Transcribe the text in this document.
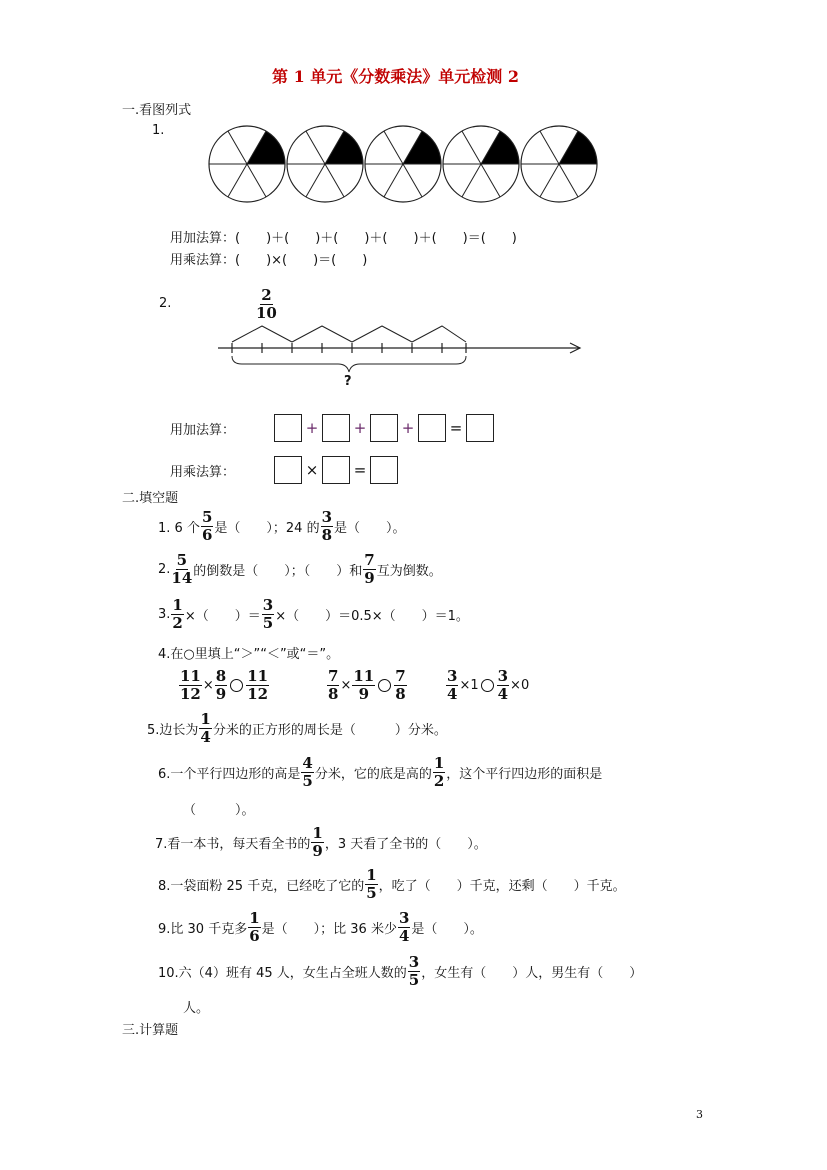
第 1 单元《分数乘法》单元检测 2
一.看图列式
1.
用加法算：(　　)＋(　　)＋(　　)＋(　　)＋(　　)＝(　　)
用乘法算：(　　)×(　　)＝(　　)
2.	$\frac{2}{10}$
?
用加法算：	+ + + =
用乘法算：	× =
二.填空题
1. 6 个 $\frac{5}{6}$ 是（　　）；24 的 $\frac{3}{8}$ 是（　　）。
2. $\frac{5}{14}$ 的倒数是（　　）；（　　）和 $\frac{7}{9}$ 互为倒数。
3. $\frac{1}{2}$ ×（　　）＝ $\frac{3}{5}$ ×（　　）＝0.5×（　　）＝1。
4.在○里填上“＞”“＜”或“＝”。
$\frac{11}{12} \times \frac{8}{9} \frac{11}{12}$	$\frac{7}{8} \times \frac{11}{9} \frac{7}{8}$	$\frac{3}{4} \times 1 \frac{3}{4} \times 0$
5.边长为 $\frac{1}{4}$ 分米的正方形的周长是（　　　）分米。
6.一个平行四边形的高是 $\frac{4}{5}$ 分米，它的底是高的 $\frac{1}{2}$ ，这个平行四边形的面积是
（　　　）。
7.看一本书，每天看全书的 $\frac{1}{9}$ ，3 天看了全书的（　　）。
8.一袋面粉 25 千克，已经吃了它的 $\frac{1}{5}$ ，吃了（　　）千克，还剩（　　）千克。
9.比 30 千克多 $\frac{1}{6}$ 是（　　）；比 36 米少 $\frac{3}{4}$ 是（　　）。
10.六（4）班有 45 人，女生占全班人数的 $\frac{3}{5}$ ，女生有（　　）人，男生有（　　）
人。
三.计算题
3
